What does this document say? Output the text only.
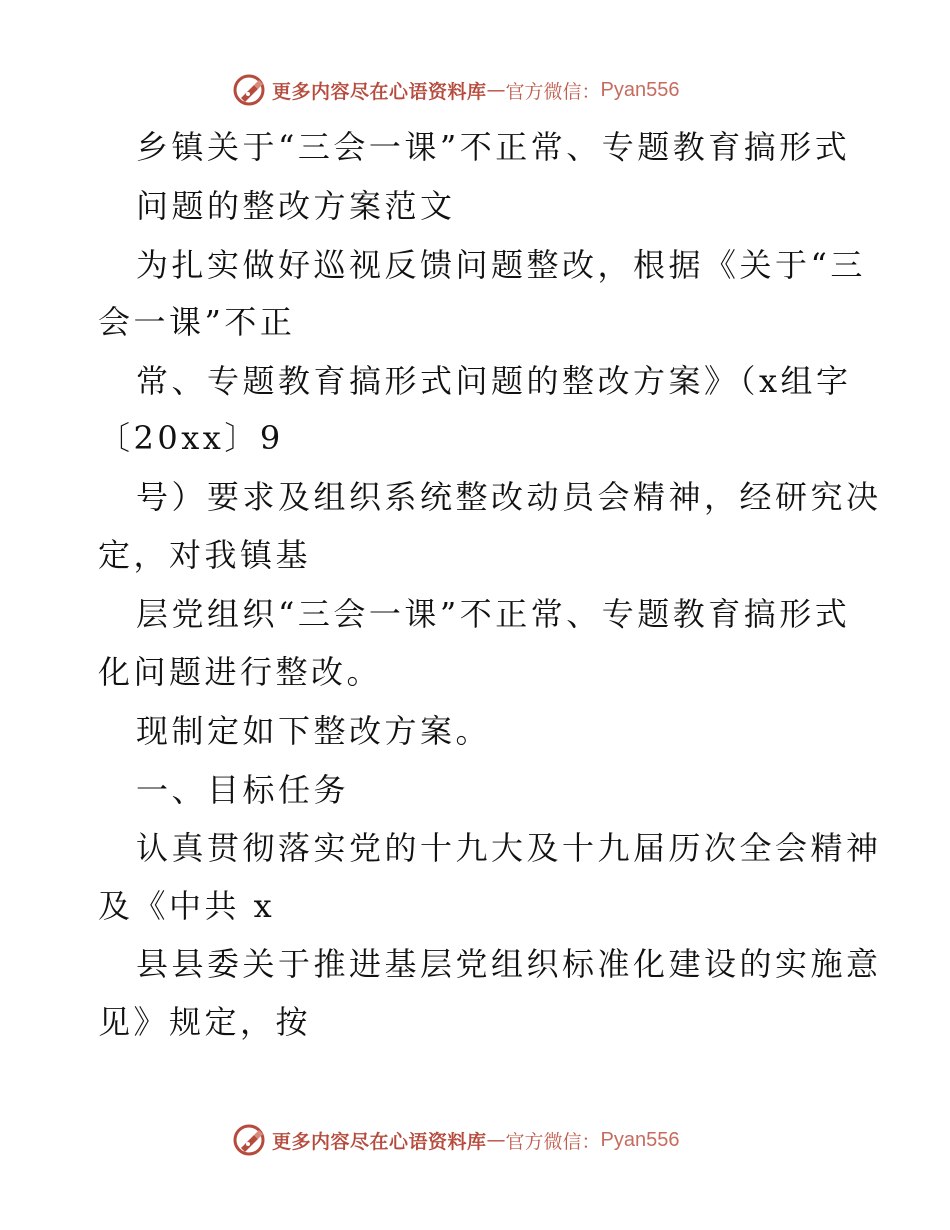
更多内容尽在心语资料库 — 官方微信： Pyan556
乡镇关于“三会一课”不正常、专题教育搞形式
问题的整改方案范文
为扎实做好巡视反馈问题整改，根据《关于“三
会一课”不正
常、专题教育搞形式问题的整改方案》（x组字
〔20xx〕9
号）要求及组织系统整改动员会精神，经研究决
定，对我镇基
层党组织“三会一课”不正常、专题教育搞形式
化问题进行整改。
现制定如下整改方案。
一、目标任务
认真贯彻落实党的十九大及十九届历次全会精神
及《中共 x
县县委关于推进基层党组织标准化建设的实施意
见》规定，按
更多内容尽在心语资料库 — 官方微信： Pyan556
